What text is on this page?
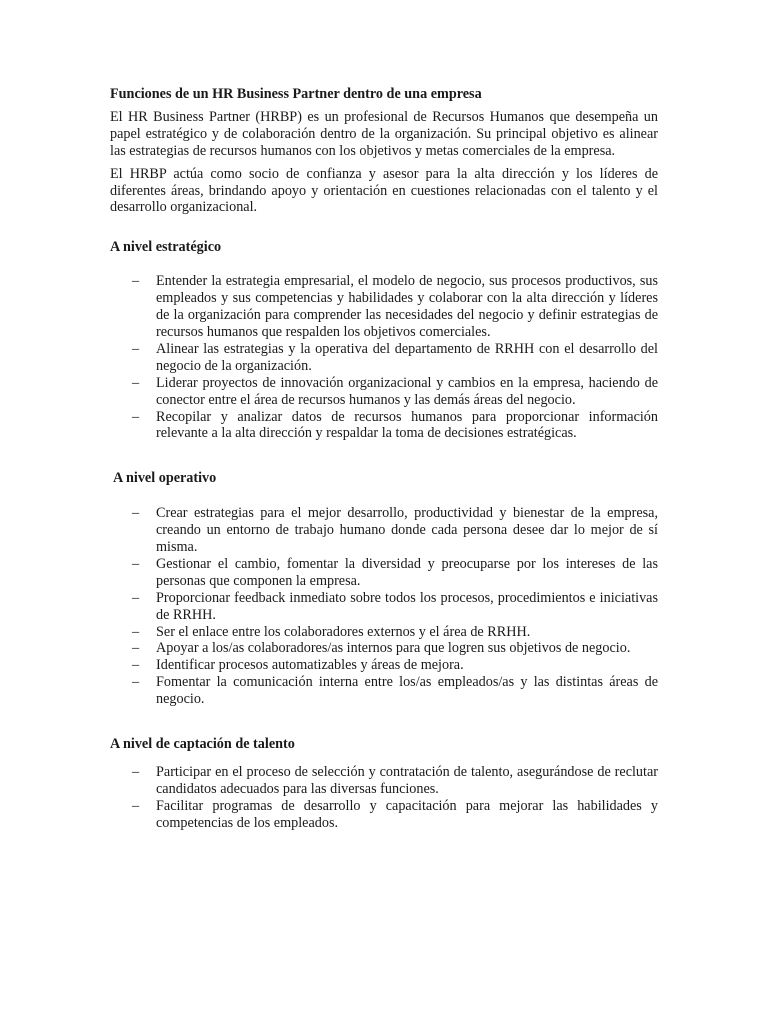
Funciones de un HR Business Partner dentro de una empresa

El HR Business Partner (HRBP) es un profesional de Recursos Humanos que desempeña un papel estratégico y de colaboración dentro de la organización. Su principal objetivo es alinear las estrategias de recursos humanos con los objetivos y metas comerciales de la empresa.

El HRBP actúa como socio de confianza y asesor para la alta dirección y los líderes de diferentes áreas, brindando apoyo y orientación en cuestiones relacionadas con el talento y el desarrollo organizacional.

A nivel estratégico
– Entender la estrategia empresarial, el modelo de negocio, sus procesos productivos, sus empleados y sus competencias y habilidades y colaborar con la alta dirección y líderes de la organización para comprender las necesidades del negocio y definir estrategias de recursos humanos que respalden los objetivos comerciales.
– Alinear las estrategias y la operativa del departamento de RRHH con el desarrollo del negocio de la organización.
– Liderar proyectos de innovación organizacional y cambios en la empresa, haciendo de conector entre el área de recursos humanos y las demás áreas del negocio.
– Recopilar y analizar datos de recursos humanos para proporcionar información relevante a la alta dirección y respaldar la toma de decisiones estratégicas.
A nivel operativo
– Crear estrategias para el mejor desarrollo, productividad y bienestar de la empresa, creando un entorno de trabajo humano donde cada persona desee dar lo mejor de sí misma.
– Gestionar el cambio, fomentar la diversidad y preocuparse por los intereses de las personas que componen la empresa.
– Proporcionar feedback inmediato sobre todos los procesos, procedimientos e iniciativas de RRHH.
– Ser el enlace entre los colaboradores externos y el área de RRHH.
– Apoyar a los/as colaboradores/as internos para que logren sus objetivos de negocio.
– Identificar procesos automatizables y áreas de mejora.
– Fomentar la comunicación interna entre los/as empleados/as y las distintas áreas de negocio.
A nivel de captación de talento
– Participar en el proceso de selección y contratación de talento, asegurándose de reclutar candidatos adecuados para las diversas funciones.
– Facilitar programas de desarrollo y capacitación para mejorar las habilidades y competencias de los empleados.
